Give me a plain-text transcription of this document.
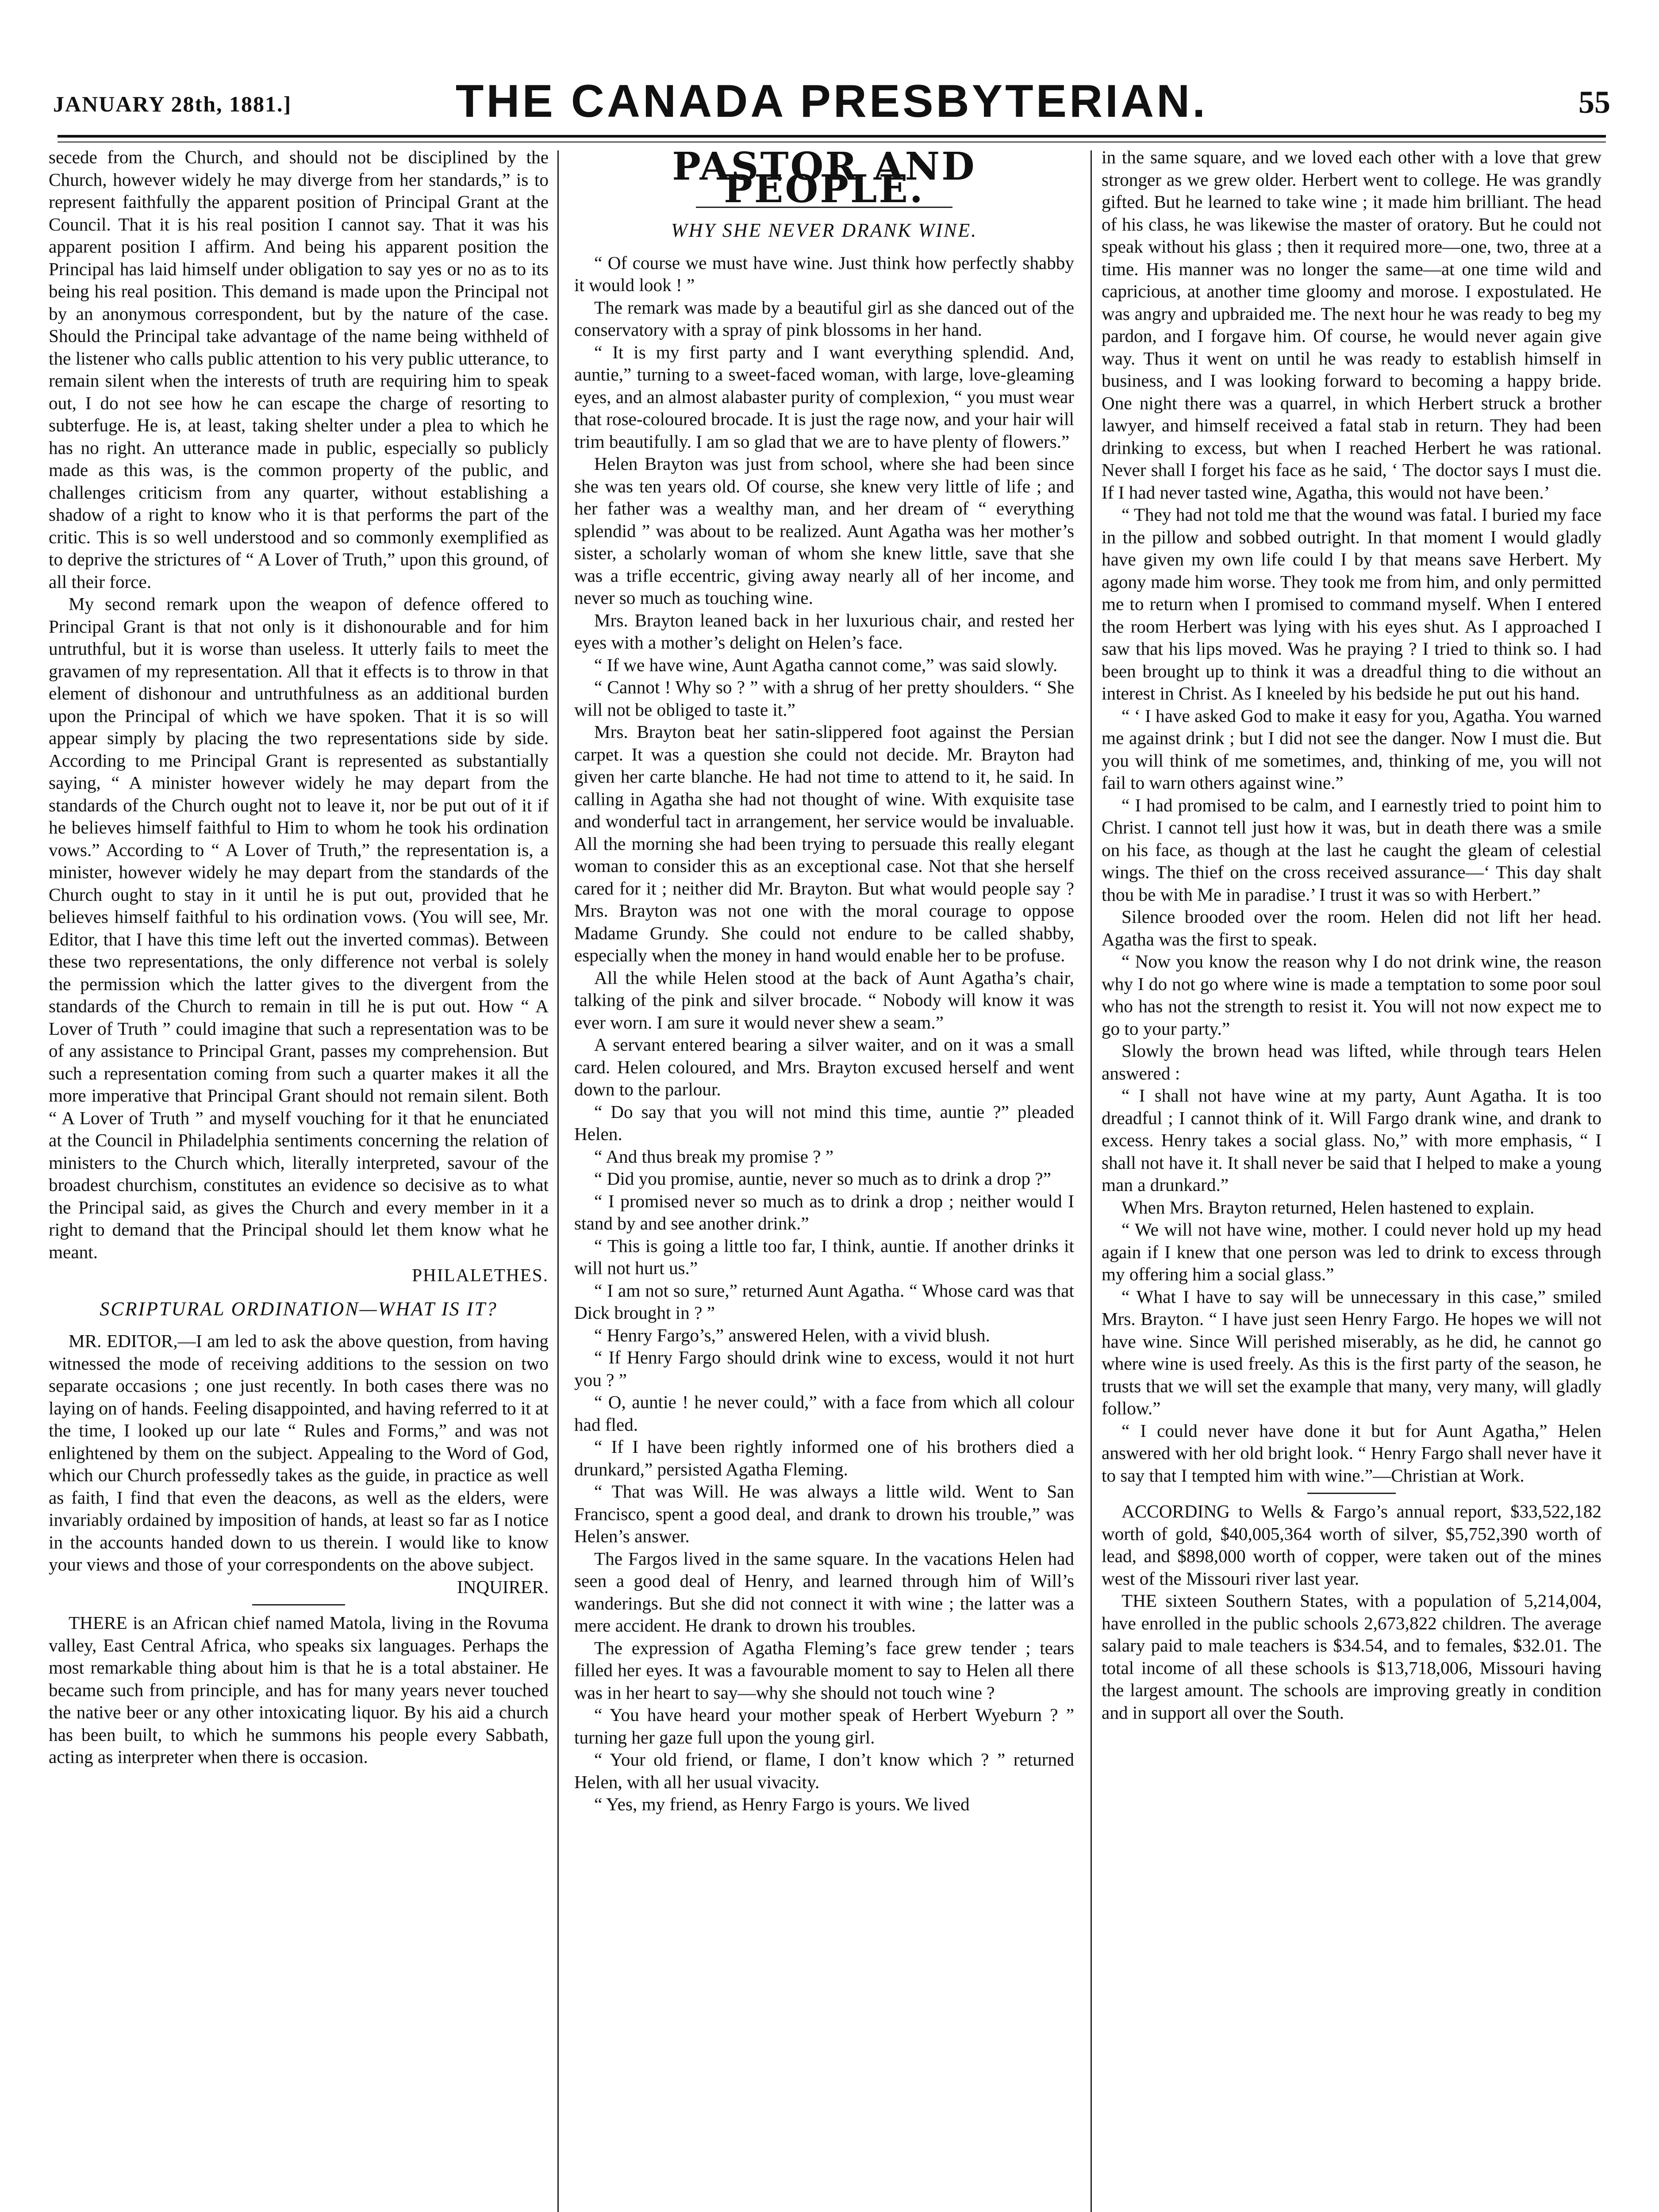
JANUARY 28th, 1881.]	THE CANADA PRESBYTERIAN.	55

secede from the Church, and should not be disciplined by the Church, however widely he may diverge from her standards,” is to represent faithfully the apparent position of Principal Grant at the Council. That it is his real position I cannot say. That it was his apparent position I affirm. And being his apparent position the Principal has laid himself under obligation to say yes or no as to its being his real position. This demand is made upon the Principal not by an anonymous correspondent, but by the nature of the case. Should the Principal take advantage of the name being withheld of the listener who calls public attention to his very public utterance, to remain silent when the interests of truth are requiring him to speak out, I do not see how he can escape the charge of resorting to subterfuge. He is, at least, taking shelter under a plea to which he has no right. An utterance made in public, especially so publicly made as this was, is the common property of the public, and challenges criticism from any quarter, without establishing a shadow of a right to know who it is that performs the part of the critic. This is so well understood and so commonly exemplified as to deprive the strictures of “ A Lover of Truth,” upon this ground, of all their force.

My second remark upon the weapon of defence offered to Principal Grant is that not only is it dishonourable and for him untruthful, but it is worse than useless. It utterly fails to meet the gravamen of my representation. All that it effects is to throw in that element of dishonour and untruthfulness as an additional burden upon the Principal of which we have spoken. That it is so will appear simply by placing the two representations side by side. According to me Principal Grant is represented as substantially saying, “ A minister however widely he may depart from the standards of the Church ought not to leave it, nor be put out of it if he believes himself faithful to Him to whom he took his ordination vows.” According to “ A Lover of Truth,” the representation is, a minister, however widely he may depart from the standards of the Church ought to stay in it until he is put out, provided that he believes himself faithful to his ordination vows. (You will see, Mr. Editor, that I have this time left out the inverted commas). Between these two representations, the only difference not verbal is solely the permission which the latter gives to the divergent from the standards of the Church to remain in till he is put out. How “ A Lover of Truth ” could imagine that such a representation was to be of any assistance to Principal Grant, passes my comprehension. But such a representation coming from such a quarter makes it all the more imperative that Principal Grant should not remain silent. Both “ A Lover of Truth ” and myself vouching for it that he enunciated at the Council in Philadelphia sentiments concerning the relation of ministers to the Church which, literally interpreted, savour of the broadest churchism, constitutes an evidence so decisive as to what the Principal said, as gives the Church and every member in it a right to demand that the Principal should let them know what he meant.

PHILALETHES.
SCRIPTURAL ORDINATION—WHAT IS IT?

MR. EDITOR,—I am led to ask the above question, from having witnessed the mode of receiving additions to the session on two separate occasions ; one just recently. In both cases there was no laying on of hands. Feeling disappointed, and having referred to it at the time, I looked up our late “ Rules and Forms,” and was not enlightened by them on the subject. Appealing to the Word of God, which our Church professedly takes as the guide, in practice as well as faith, I find that even the deacons, as well as the elders, were invariably ordained by imposition of hands, at least so far as I notice in the accounts handed down to us therein. I would like to know your views and those of your correspondents on the above subject.

INQUIRER.

THERE is an African chief named Matola, living in the Rovuma valley, East Central Africa, who speaks six languages. Perhaps the most remarkable thing about him is that he is a total abstainer. He became such from principle, and has for many years never touched the native beer or any other intoxicating liquor. By his aid a church has been built, to which he summons his people every Sabbath, acting as interpreter when there is occasion.

PASTOR AND PEOPLE.
WHY SHE NEVER DRANK WINE.

“ Of course we must have wine. Just think how perfectly shabby it would look ! ”

The remark was made by a beautiful girl as she danced out of the conservatory with a spray of pink blossoms in her hand.

“ It is my first party and I want everything splendid. And, auntie,” turning to a sweet-faced woman, with large, love-gleaming eyes, and an almost alabaster purity of complexion, “ you must wear that rose-coloured brocade. It is just the rage now, and your hair will trim beautifully. I am so glad that we are to have plenty of flowers.”

Helen Brayton was just from school, where she had been since she was ten years old. Of course, she knew very little of life ; and her father was a wealthy man, and her dream of “ everything splendid ” was about to be realized. Aunt Agatha was her mother’s sister, a scholarly woman of whom she knew little, save that she was a trifle eccentric, giving away nearly all of her income, and never so much as touching wine.

Mrs. Brayton leaned back in her luxurious chair, and rested her eyes with a mother’s delight on Helen’s face.

“ If we have wine, Aunt Agatha cannot come,” was said slowly.

“ Cannot ! Why so ? ” with a shrug of her pretty shoulders. “ She will not be obliged to taste it.”

Mrs. Brayton beat her satin-slippered foot against the Persian carpet. It was a question she could not decide. Mr. Brayton had given her carte blanche. He had not time to attend to it, he said. In calling in Agatha she had not thought of wine. With exquisite tase and wonderful tact in arrangement, her service would be invaluable. All the morning she had been trying to persuade this really elegant woman to consider this as an exceptional case. Not that she herself cared for it ; neither did Mr. Brayton. But what would people say ? Mrs. Brayton was not one with the moral courage to oppose Madame Grundy. She could not endure to be called shabby, especially when the money in hand would enable her to be profuse.

All the while Helen stood at the back of Aunt Agatha’s chair, talking of the pink and silver brocade. “ Nobody will know it was ever worn. I am sure it would never shew a seam.”

A servant entered bearing a silver waiter, and on it was a small card. Helen coloured, and Mrs. Brayton excused herself and went down to the parlour.

“ Do say that you will not mind this time, auntie ?” pleaded Helen.

“ And thus break my promise ? ”

“ Did you promise, auntie, never so much as to drink a drop ?”

“ I promised never so much as to drink a drop ; neither would I stand by and see another drink.”

“ This is going a little too far, I think, auntie. If another drinks it will not hurt us.”

“ I am not so sure,” returned Aunt Agatha. “ Whose card was that Dick brought in ? ”

“ Henry Fargo’s,” answered Helen, with a vivid blush.

“ If Henry Fargo should drink wine to excess, would it not hurt you ? ”

“ O, auntie ! he never could,” with a face from which all colour had fled.

“ If I have been rightly informed one of his brothers died a drunkard,” persisted Agatha Fleming.

“ That was Will. He was always a little wild. Went to San Francisco, spent a good deal, and drank to drown his trouble,” was Helen’s answer.

The Fargos lived in the same square. In the vacations Helen had seen a good deal of Henry, and learned through him of Will’s wanderings. But she did not connect it with wine ; the latter was a mere accident. He drank to drown his troubles.

The expression of Agatha Fleming’s face grew tender ; tears filled her eyes. It was a favourable moment to say to Helen all there was in her heart to say—why she should not touch wine ?

“ You have heard your mother speak of Herbert Wyeburn ? ” turning her gaze full upon the young girl.

“ Your old friend, or flame, I don’t know which ? ” returned Helen, with all her usual vivacity.

“ Yes, my friend, as Henry Fargo is yours. We lived

in the same square, and we loved each other with a love that grew stronger as we grew older. Herbert went to college. He was grandly gifted. But he learned to take wine ; it made him brilliant. The head of his class, he was likewise the master of oratory. But he could not speak without his glass ; then it required more—one, two, three at a time. His manner was no longer the same—at one time wild and capricious, at another time gloomy and morose. I expostulated. He was angry and upbraided me. The next hour he was ready to beg my pardon, and I forgave him. Of course, he would never again give way. Thus it went on until he was ready to establish himself in business, and I was looking forward to becoming a happy bride. One night there was a quarrel, in which Herbert struck a brother lawyer, and himself received a fatal stab in return. They had been drinking to excess, but when I reached Herbert he was rational. Never shall I forget his face as he said, ‘ The doctor says I must die. If I had never tasted wine, Agatha, this would not have been.’

“ They had not told me that the wound was fatal. I buried my face in the pillow and sobbed outright. In that moment I would gladly have given my own life could I by that means save Herbert. My agony made him worse. They took me from him, and only permitted me to return when I promised to command myself. When I entered the room Herbert was lying with his eyes shut. As I approached I saw that his lips moved. Was he praying ? I tried to think so. I had been brought up to think it was a dreadful thing to die without an interest in Christ. As I kneeled by his bedside he put out his hand.

“ ‘ I have asked God to make it easy for you, Agatha. You warned me against drink ; but I did not see the danger. Now I must die. But you will think of me sometimes, and, thinking of me, you will not fail to warn others against wine.”

“ I had promised to be calm, and I earnestly tried to point him to Christ. I cannot tell just how it was, but in death there was a smile on his face, as though at the last he caught the gleam of celestial wings. The thief on the cross received assurance—‘ This day shalt thou be with Me in paradise.’ I trust it was so with Herbert.”

Silence brooded over the room. Helen did not lift her head. Agatha was the first to speak.

“ Now you know the reason why I do not drink wine, the reason why I do not go where wine is made a temptation to some poor soul who has not the strength to resist it. You will not now expect me to go to your party.”

Slowly the brown head was lifted, while through tears Helen answered :

“ I shall not have wine at my party, Aunt Agatha. It is too dreadful ; I cannot think of it. Will Fargo drank wine, and drank to excess. Henry takes a social glass. No,” with more emphasis, “ I shall not have it. It shall never be said that I helped to make a young man a drunkard.”

When Mrs. Brayton returned, Helen hastened to explain.

“ We will not have wine, mother. I could never hold up my head again if I knew that one person was led to drink to excess through my offering him a social glass.”

“ What I have to say will be unnecessary in this case,” smiled Mrs. Brayton. “ I have just seen Henry Fargo. He hopes we will not have wine. Since Will perished miserably, as he did, he cannot go where wine is used freely. As this is the first party of the season, he trusts that we will set the example that many, very many, will gladly follow.”

“ I could never have done it but for Aunt Agatha,” Helen answered with her old bright look. “ Henry Fargo shall never have it to say that I tempted him with wine.”—Christian at Work.

ACCORDING to Wells & Fargo’s annual report, $33,522,182 worth of gold, $40,005,364 worth of silver, $5,752,390 worth of lead, and $898,000 worth of copper, were taken out of the mines west of the Missouri river last year.

THE sixteen Southern States, with a population of 5,214,004, have enrolled in the public schools 2,673,822 children. The average salary paid to male teachers is $34.54, and to females, $32.01. The total income of all these schools is $13,718,006, Missouri having the largest amount. The schools are improving greatly in condition and in support all over the South.
